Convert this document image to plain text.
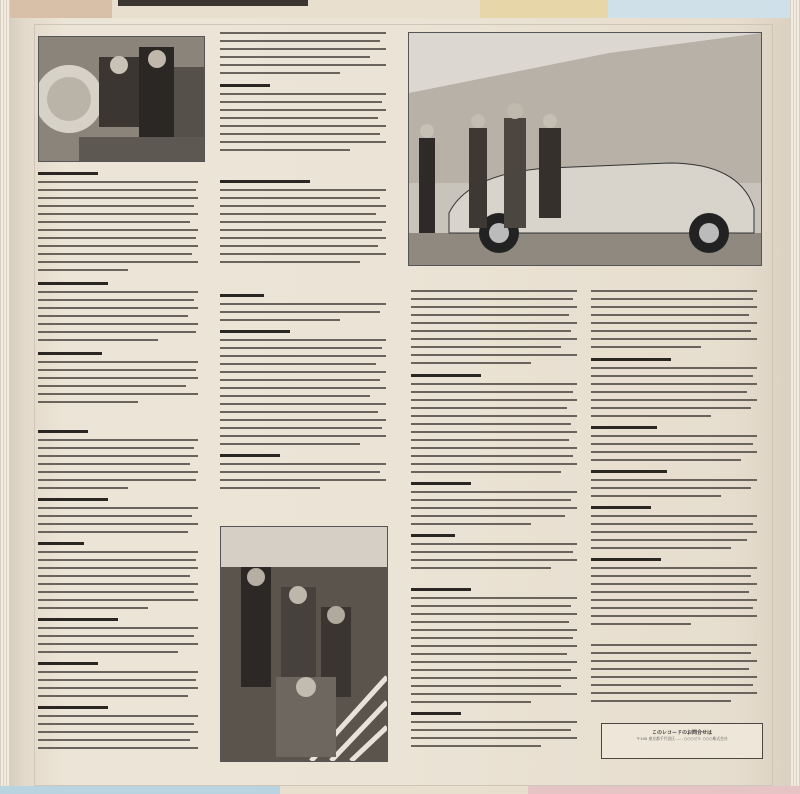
このレコードのお問合せは
〒100 東京都千代田区…… ○○○ビル ○○○株式会社
